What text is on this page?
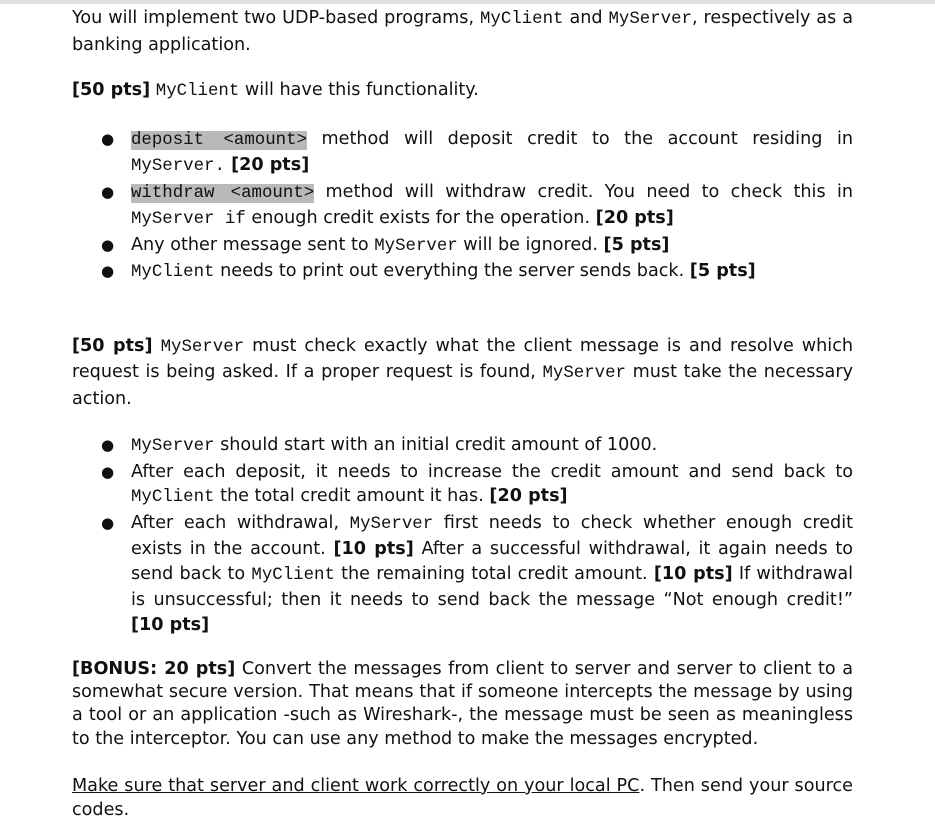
You will implement two UDP-based programs, MyClient and MyServer, respectively as a banking application.

[50 pts] MyClient will have this functionality.

● deposit <amount> method will deposit credit to the account residing in MyServer. [20 pts]
● withdraw <amount> method will withdraw credit. You need to check this in MyServer if enough credit exists for the operation. [20 pts]
● Any other message sent to MyServer will be ignored. [5 pts]
● MyClient needs to print out everything the server sends back. [5 pts]

[50 pts] MyServer must check exactly what the client message is and resolve which request is being asked. If a proper request is found, MyServer must take the necessary action.

● MyServer should start with an initial credit amount of 1000.
● After each deposit, it needs to increase the credit amount and send back to MyClient the total credit amount it has. [20 pts]
● After each withdrawal, MyServer first needs to check whether enough credit exists in the account. [10 pts] After a successful withdrawal, it again needs to send back to MyClient the remaining total credit amount. [10 pts] If withdrawal is unsuccessful; then it needs to send back the message “Not enough credit!” [10 pts]

[BONUS: 20 pts] Convert the messages from client to server and server to client to a somewhat secure version. That means that if someone intercepts the message by using a tool or an application -such as Wireshark-, the message must be seen as meaningless to the interceptor. You can use any method to make the messages encrypted.

Make sure that server and client work correctly on your local PC. Then send your source codes.
